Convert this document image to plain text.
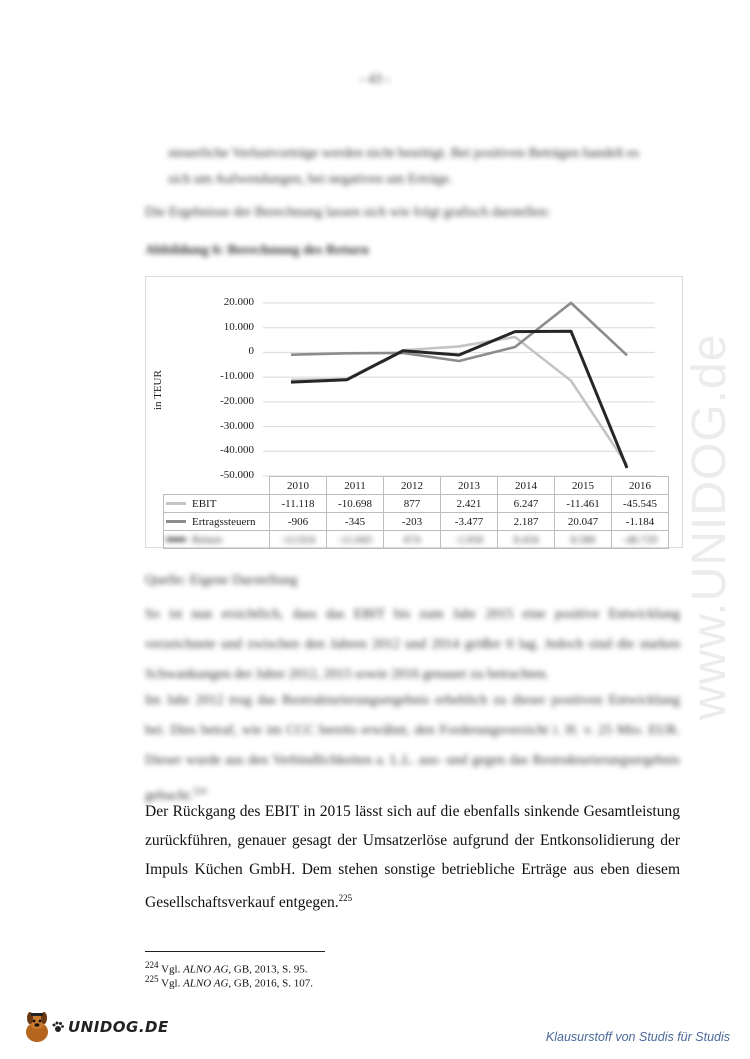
- 43 -
steuerliche Verlustvorträge werden nicht benötigt. Bei positiven Beträgen handelt es
sich um Aufwendungen, bei negativen um Erträge.
Die Ergebnisse der Berechnung lassen sich wie folgt grafisch darstellen:
Abbildung 6: Berechnung des Return
in TEUR
20.000
10.000
0
-10.000
-20.000
-30.000
-40.000
-50.000
	2010	2011	2012	2013	2014	2015	2016
EBIT	-11.118	-10.698	877	2.421	6.247	-11.461	-45.545
Ertragssteuern	-906	-345	-203	-3.477	2.187	20.047	-1.184
Return	-12.024	-11.043	674	-1.056	8.434	8.586	-46.729
Quelle: Eigene Darstellung
So ist nun ersichtlich, dass das EBIT bis zum Jahr 2015 eine positive Entwicklung verzeichnete und zwischen den Jahren 2012 und 2014 größer 0 lag. Jedoch sind die starken Schwankungen der Jahre 2012, 2015 sowie 2016 genauer zu betrachten.
Im Jahr 2012 trug das Restrukturierungsergebnis erheblich zu dieser positiven Entwicklung bei. Dies betraf, wie im CCC bereits erwähnt, den Forderungsverzicht i. H. v. 25 Mio. EUR. Dieser wurde aus den Verbindlichkeiten a. L.L. aus- und gegen das Restrukturierungsergebnis gebucht.$^{224}$
Der Rückgang des EBIT in 2015 lässt sich auf die ebenfalls sinkende Gesamtleistung zurückführen, genauer gesagt der Umsatzerlöse aufgrund der Entkonsolidierung der Impuls Küchen GmbH. Dem stehen sonstige betriebliche Erträge aus eben diesem Gesellschaftsverkauf entgegen.$^{225}$
$^{224}$ Vgl. ALNO AG, GB, 2013, S. 95.
$^{225}$ Vgl. ALNO AG, GB, 2016, S. 107.
www.UNIDOG.de
UNIDOG.DE
Klausurstoff von Studis für Studis
